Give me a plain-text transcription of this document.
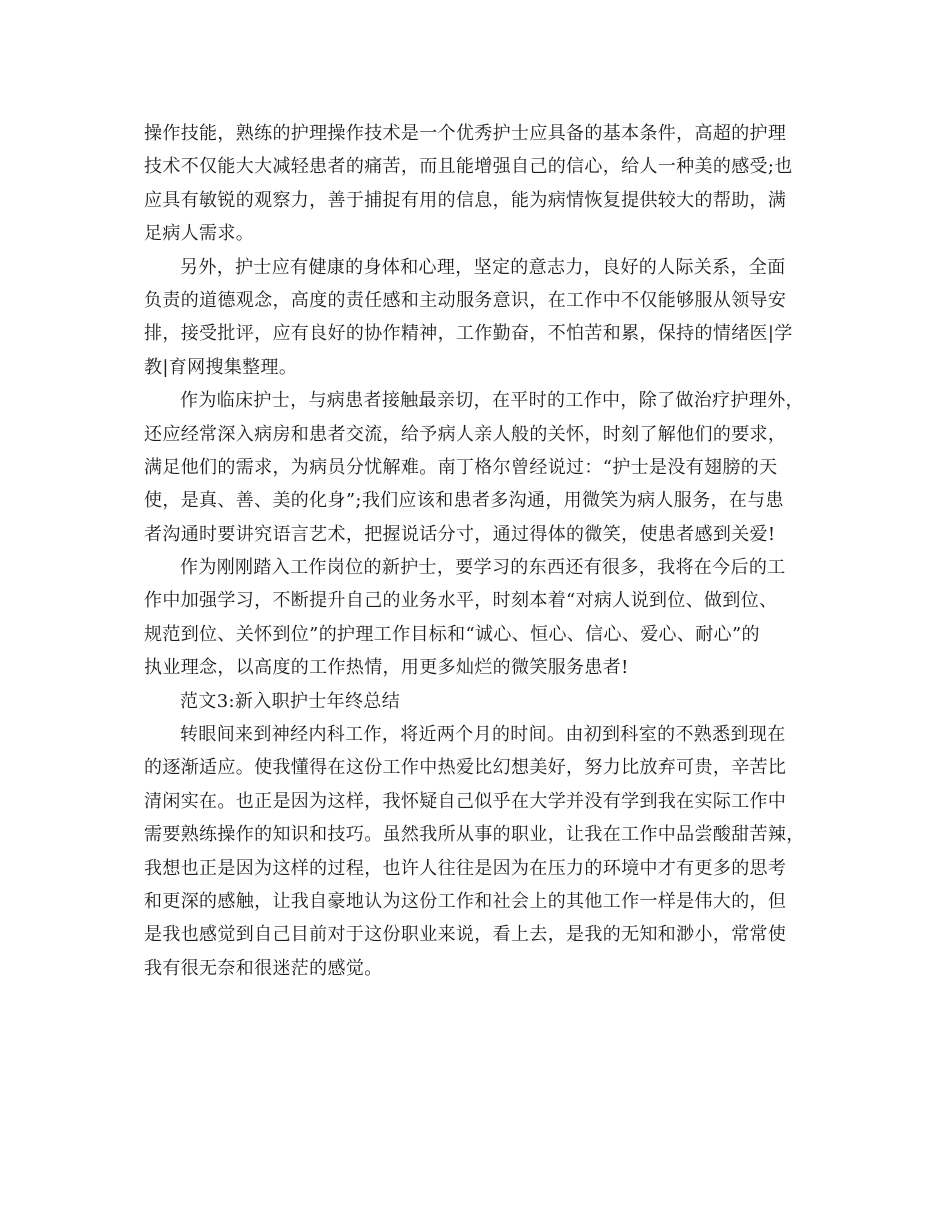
操作技能，熟练的护理操作技术是一个优秀护士应具备的基本条件，高超的护理
技术不仅能大大减轻患者的痛苦，而且能增强自己的信心，给人一种美的感受;也
应具有敏锐的观察力，善于捕捉有用的信息，能为病情恢复提供较大的帮助，满
足病人需求。
另外，护士应有健康的身体和心理，坚定的意志力，良好的人际关系，全面
负责的道德观念，高度的责任感和主动服务意识，在工作中不仅能够服从领导安
排，接受批评，应有良好的协作精神，工作勤奋，不怕苦和累，保持的情绪医|学
教|育网搜集整理。
作为临床护士，与病患者接触最亲切，在平时的工作中，除了做治疗护理外，
还应经常深入病房和患者交流，给予病人亲人般的关怀，时刻了解他们的要求，
满足他们的需求，为病员分忧解难。南丁格尔曾经说过：“护士是没有翅膀的天
使，是真、善、美的化身”;我们应该和患者多沟通，用微笑为病人服务，在与患
者沟通时要讲究语言艺术，把握说话分寸，通过得体的微笑，使患者感到关爱!
作为刚刚踏入工作岗位的新护士，要学习的东西还有很多，我将在今后的工
作中加强学习，不断提升自己的业务水平，时刻本着“对病人说到位、做到位、
规范到位、关怀到位”的护理工作目标和“诚心、恒心、信心、爱心、耐心”的
执业理念，以高度的工作热情，用更多灿烂的微笑服务患者!
范文3:新入职护士年终总结
转眼间来到神经内科工作，将近两个月的时间。由初到科室的不熟悉到现在
的逐渐适应。使我懂得在这份工作中热爱比幻想美好，努力比放弃可贵，辛苦比
清闲实在。也正是因为这样，我怀疑自己似乎在大学并没有学到我在实际工作中
需要熟练操作的知识和技巧。虽然我所从事的职业，让我在工作中品尝酸甜苦辣，
我想也正是因为这样的过程，也许人往往是因为在压力的环境中才有更多的思考
和更深的感触，让我自豪地认为这份工作和社会上的其他工作一样是伟大的，但
是我也感觉到自己目前对于这份职业来说，看上去，是我的无知和渺小，常常使
我有很无奈和很迷茫的感觉。
